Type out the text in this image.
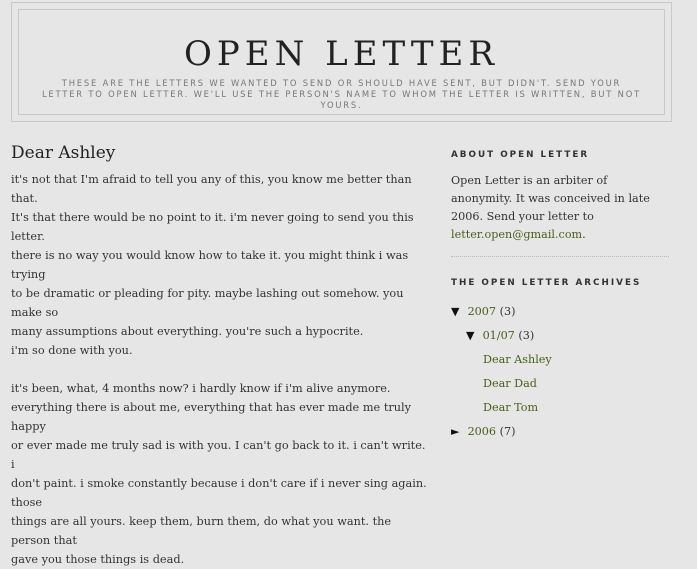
OPEN LETTER
THESE ARE THE LETTERS WE WANTED TO SEND OR SHOULD HAVE SENT, BUT DIDN'T. SEND YOUR LETTER TO OPEN LETTER. WE'LL USE THE PERSON'S NAME TO WHOM THE LETTER IS WRITTEN, BUT NOT YOURS.
Dear Ashley

it's not that I'm afraid to tell you any of this, you know me better than that.
It's that there would be no point to it. i'm never going to send you this letter.
there is no way you would know how to take it. you might think i was trying
to be dramatic or pleading for pity. maybe lashing out somehow. you make so
many assumptions about everything. you're such a hypocrite.
i'm so done with you.

it's been, what, 4 months now? i hardly know if i'm alive anymore.
everything there is about me, everything that has ever made me truly happy
or ever made me truly sad is with you. I can't go back to it. i can't write. i
don't paint. i smoke constantly because i don't care if i never sing again. those
things are all yours. keep them, burn them, do what you want. the person that
gave you those things is dead.

ABOUT OPEN LETTER
Open Letter is an arbiter of anonymity. It was conceived in late 2006. Send your letter to letter.open@gmail.com.
THE OPEN LETTER ARCHIVES
▼ 2007 (3)
▼ 01/07 (3)
Dear Ashley
Dear Dad
Dear Tom
► 2006 (7)
